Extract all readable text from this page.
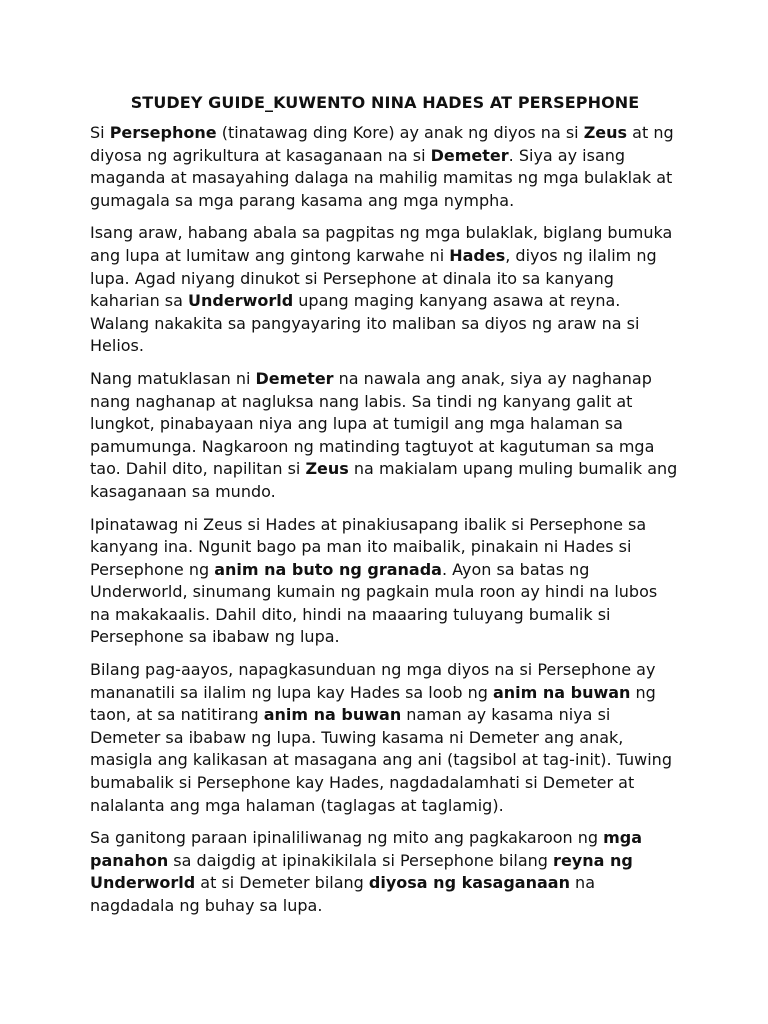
STUDEY GUIDE_KUWENTO NINA HADES AT PERSEPHONE

Si Persephone (tinatawag ding Kore) ay anak ng diyos na si Zeus at ng diyosa ng agrikultura at kasaganaan na si Demeter. Siya ay isang maganda at masayahing dalaga na mahilig mamitas ng mga bulaklak at gumagala sa mga parang kasama ang mga nympha.

Isang araw, habang abala sa pagpitas ng mga bulaklak, biglang bumuka ang lupa at lumitaw ang gintong karwahe ni Hades, diyos ng ilalim ng lupa. Agad niyang dinukot si Persephone at dinala ito sa kanyang kaharian sa Underworld upang maging kanyang asawa at reyna. Walang nakakita sa pangyayaring ito maliban sa diyos ng araw na si Helios.

Nang matuklasan ni Demeter na nawala ang anak, siya ay naghanap nang naghanap at nagluksa nang labis. Sa tindi ng kanyang galit at lungkot, pinabayaan niya ang lupa at tumigil ang mga halaman sa pamumunga. Nagkaroon ng matinding tagtuyot at kagutuman sa mga tao. Dahil dito, napilitan si Zeus na makialam upang muling bumalik ang kasaganaan sa mundo.

Ipinatawag ni Zeus si Hades at pinakiusapang ibalik si Persephone sa kanyang ina. Ngunit bago pa man ito maibalik, pinakain ni Hades si Persephone ng anim na buto ng granada. Ayon sa batas ng Underworld, sinumang kumain ng pagkain mula roon ay hindi na lubos na makakaalis. Dahil dito, hindi na maaaring tuluyang bumalik si Persephone sa ibabaw ng lupa.

Bilang pag-aayos, napagkasunduan ng mga diyos na si Persephone ay mananatili sa ilalim ng lupa kay Hades sa loob ng anim na buwan ng taon, at sa natitirang anim na buwan naman ay kasama niya si Demeter sa ibabaw ng lupa. Tuwing kasama ni Demeter ang anak, masigla ang kalikasan at masagana ang ani (tagsibol at tag-init). Tuwing bumabalik si Persephone kay Hades, nagdadalamhati si Demeter at nalalanta ang mga halaman (taglagas at taglamig).

Sa ganitong paraan ipinaliliwanag ng mito ang pagkakaroon ng mga panahon sa daigdig at ipinakikilala si Persephone bilang reyna ng Underworld at si Demeter bilang diyosa ng kasaganaan na nagdadala ng buhay sa lupa.
